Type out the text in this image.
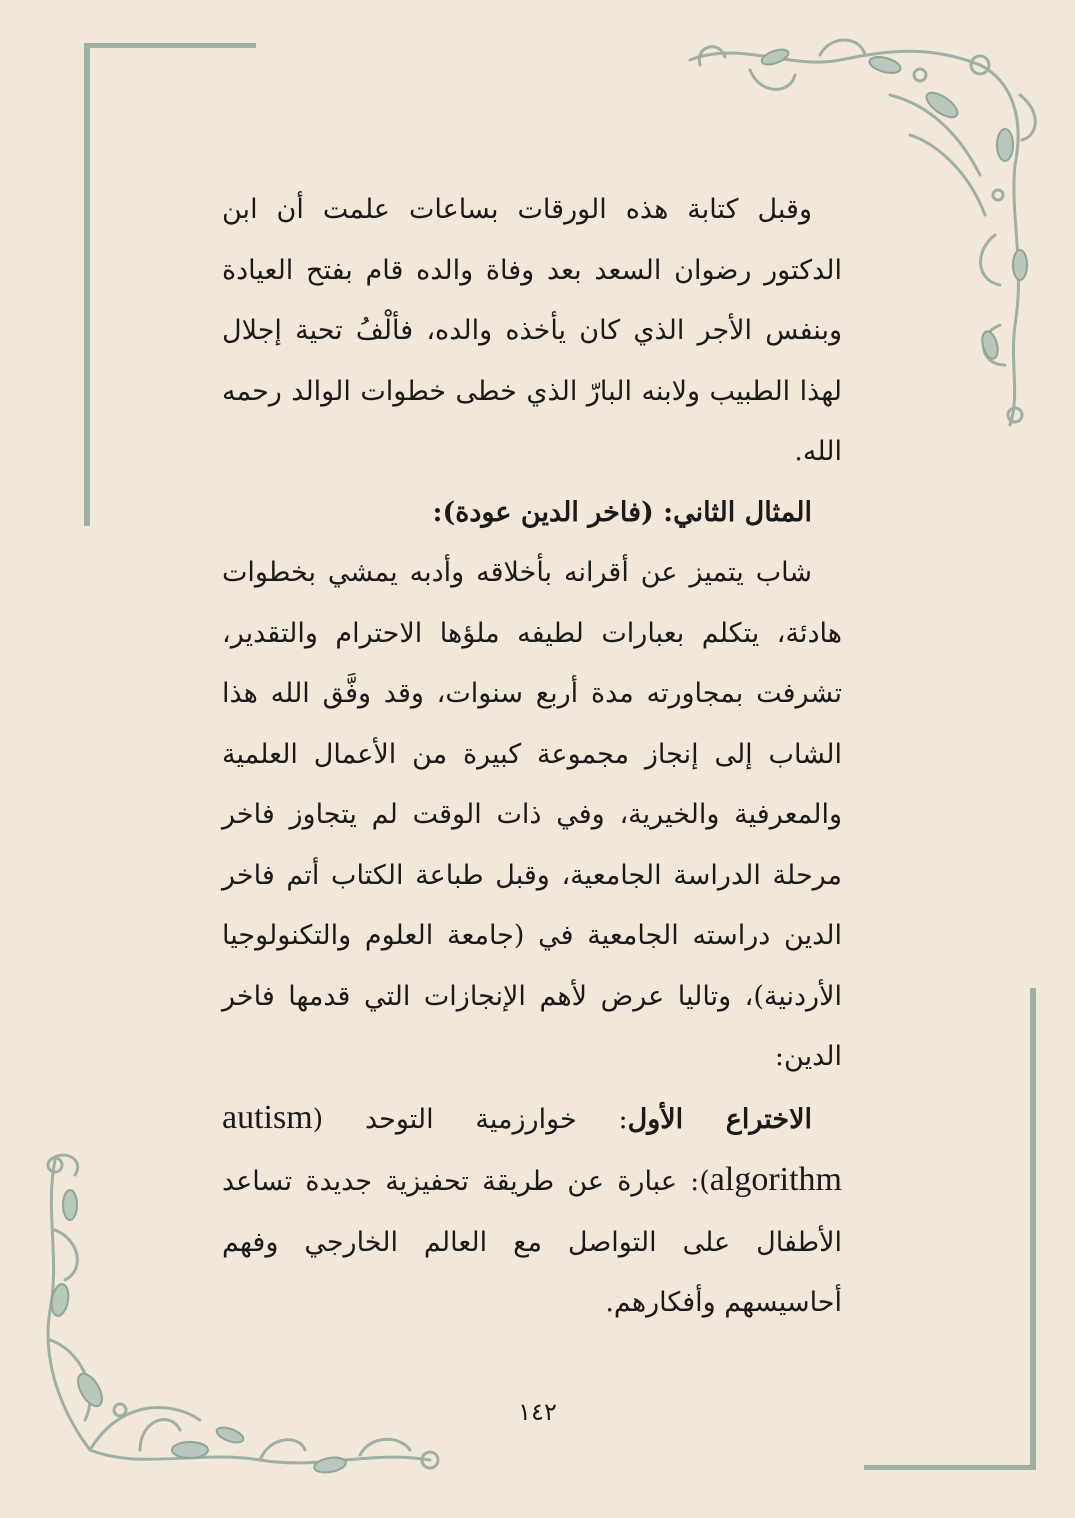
وقبل كتابة هذه الورقات بساعات علمت أن ابن الدكتور رضوان السعد بعد وفاة والده قام بفتح العيادة وبنفس الأجر الذي كان يأخذه والده، فألْفُ تحية إجلال لهذا الطبيب ولابنه البارّ الذي خطى خطوات الوالد رحمه الله.

المثال الثاني: (فاخر الدين عودة):

شاب يتميز عن أقرانه بأخلاقه وأدبه يمشي بخطوات هادئة، يتكلم بعبارات لطيفه ملؤها الاحترام والتقدير، تشرفت بمجاورته مدة أربع سنوات، وقد وفَّق الله هذا الشاب إلى إنجاز مجموعة كبيرة من الأعمال العلمية والمعرفية والخيرية، وفي ذات الوقت لم يتجاوز فاخر مرحلة الدراسة الجامعية، وقبل طباعة الكتاب أتم فاخر الدين دراسته الجامعية في (جامعة العلوم والتكنولوجيا الأردنية)، وتاليا عرض لأهم الإنجازات التي قدمها فاخر الدين:

الاختراع الأول: خوارزمية التوحد (autism algorithm): عبارة عن طريقة تحفيزية جديدة تساعد الأطفال على التواصل مع العالم الخارجي وفهم أحاسيسهم وأفكارهم.

١٤٢
